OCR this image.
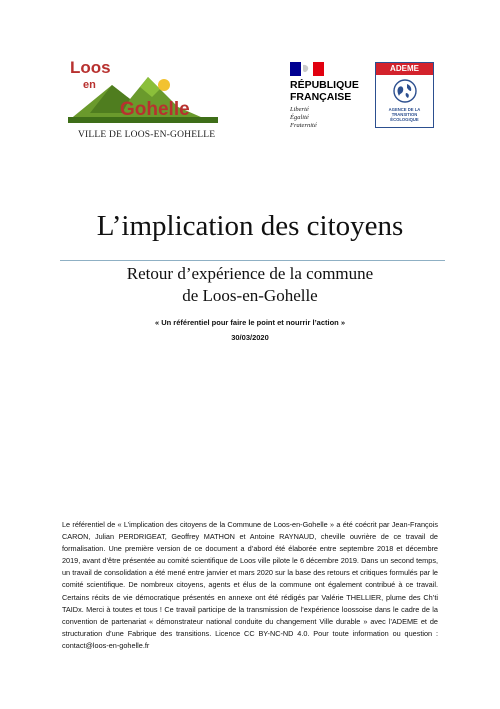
Loos
en
Gohelle
VILLE DE LOOS-EN-GOHELLE
RÉPUBLIQUE
FRANÇAISE
Liberté
Égalité
Fraternité
ADEME
AGENCE DE LA
TRANSITION
ÉCOLOGIQUE
L’implication des citoyens
Retour d’expérience de la commune
de Loos-en-Gohelle
« Un référentiel pour faire le point et nourrir l’action »
30/03/2020
Le référentiel de « L’implication des citoyens de la Commune de Loos-en-Gohelle » a été coécrit par Jean-François CARON, Julian PERDRIGEAT, Geoffrey MATHON et Antoine RAYNAUD, cheville ouvrière de ce travail de formalisation. Une première version de ce document a d’abord été élaborée entre septembre 2018 et décembre 2019, avant d’être présentée au comité scientifique de Loos ville pilote le 6 décembre 2019. Dans un second temps, un travail de consolidation a été mené entre janvier et mars 2020 sur la base des retours et critiques formulés par le comité scientifique. De nombreux citoyens, agents et élus de la commune ont également contribué à ce travail. Certains récits de vie démocratique présentés en annexe ont été rédigés par Valérie THELLIER, plume des Ch’ti TAIDx. Merci à toutes et tous ! Ce travail participe de la transmission de l’expérience loossoise dans le cadre de la convention de partenariat « démonstrateur national conduite du changement Ville durable » avec l’ADEME et de structuration d’une Fabrique des transitions. Licence CC BY-NC-ND 4.0. Pour toute information ou question : contact@loos-en-gohelle.fr
